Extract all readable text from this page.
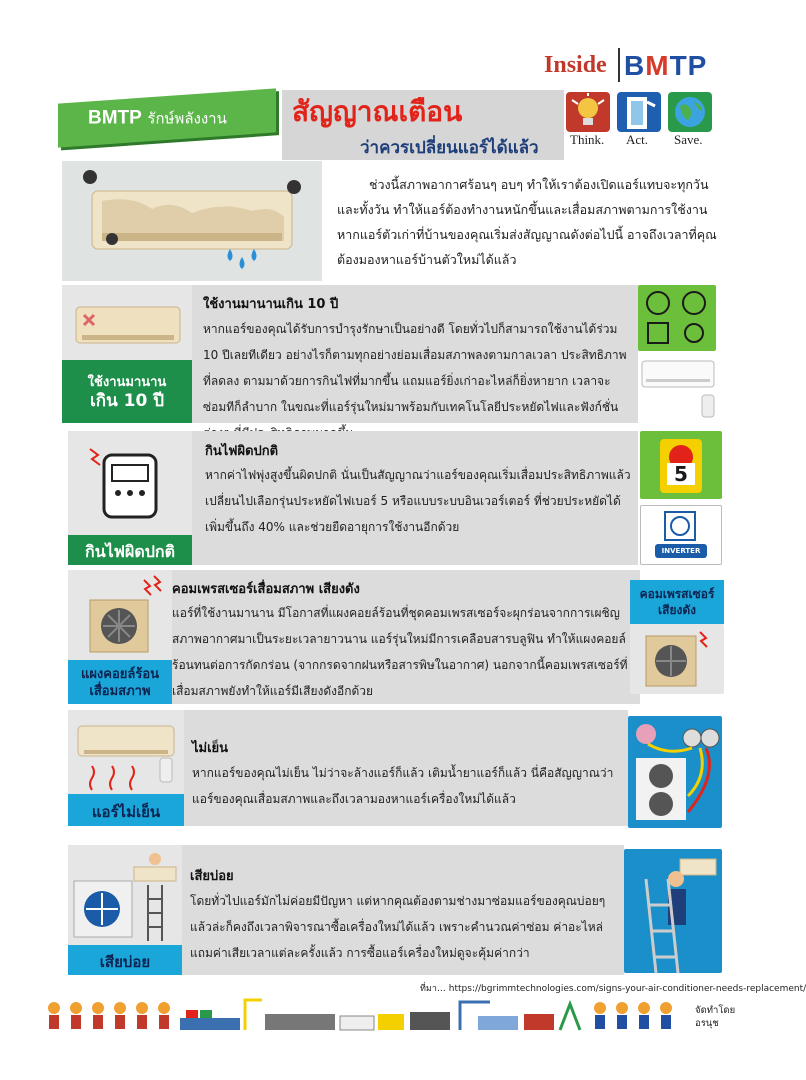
Inside BMTP
BMTP รักษ์พลังงาน สัญญาณเตือน
ว่าควรเปลี่ยนแอร์ได้แล้ว Think. Act. Save.

ช่วงนี้สภาพอากาศร้อนๆ อบๆ ทำให้เราต้องเปิดแอร์แทบจะทุกวัน และทั้งวัน ทำให้แอร์ต้องทำงานหนักขึ้นและเสื่อมสภาพตามการใช้งาน หากแอร์ตัวเก่าที่บ้านของคุณเริ่มส่งสัญญาณดังต่อไปนี้ อาจถึงเวลาที่คุณต้องมองหาแอร์บ้านตัวใหม่ได้แล้ว

ใช้งานมานาน
เกิน 10 ปี
ใช้งานมานานเกิน 10 ปี

หากแอร์ของคุณได้รับการบำรุงรักษาเป็นอย่างดี โดยทั่วไปก็สามารถใช้งานได้ร่วม 10 ปีเลยทีเดียว อย่างไรก็ตามทุกอย่างย่อมเสื่อมสภาพลงตามกาลเวลา ประสิทธิภาพที่ลดลง ตามมาด้วยการกินไฟที่มากขึ้น แถมแอร์ยิ่งเก่าอะไหล่ก็ยิ่งหายาก เวลาจะซ่อมทีก็ลำบาก ในขณะที่แอร์รุ่นใหม่มาพร้อมกับเทคโนโลยีประหยัดไฟและฟังก์ชั่น

กินไฟผิดปกติ
กินไฟผิดปกติ

หากค่าไฟพุ่งสูงขึ้นผิดปกติ นั่นเป็นสัญญาณว่าแอร์ของคุณเริ่มเสื่อมประสิทธิภาพแล้ว เปลี่ยนไปเลือกรุ่นประหยัดไฟเบอร์ 5 หรือแบบระบบอินเวอร์เตอร์ ที่ช่วยประหยัดได้เพิ่มขึ้นถึง 40% และช่วยยืดอายุการใช้งานอีกด้วย

5
INVERTER
แผงคอยล์ร้อน
เสื่อมสภาพ
คอมเพรสเซอร์เสื่อมสภาพ เสียงดัง

แอร์ที่ใช้งานมานาน มีโอกาสที่แผงคอยล์ร้อนที่ชุดคอมเพรสเซอร์จะผุกร่อนจากการเผชิญสภาพอากาศมาเป็นระยะเวลายาวนาน แอร์รุ่นใหม่มีการเคลือบสารบลูฟิน ทำให้แผงคอยล์ร้อนทนต่อการกัดกร่อน (จากกรดจากฝนหรือสารพิษในอากาศ) นอกจากนี้คอมเพรสเซอร์ที่เสื่อมสภาพยังทำให้แอร์มีเสียงดังอีกด้วย

คอมเพรสเซอร์
เสียงดัง
แอร์ไม่เย็น
ไม่เย็น

หากแอร์ของคุณไม่เย็น ไม่ว่าจะล้างแอร์ก็แล้ว เติมน้ำยาแอร์ก็แล้ว นี่คือสัญญาณว่าแอร์ของคุณเสื่อมสภาพและถึงเวลามองหาแอร์เครื่องใหม่ได้แล้ว

เสียบ่อย
เสียบ่อย

โดยทั่วไปแอร์มักไม่ค่อยมีปัญหา แต่หากคุณต้องตามช่างมาซ่อมแอร์ของคุณบ่อยๆ แล้วล่ะก็คงถึงเวลาพิจารณาซื้อเครื่องใหม่ได้แล้ว เพราะคำนวณค่าซ่อม ค่าอะไหล่ แถมค่าเสียเวลาแต่ละครั้งแล้ว การซื้อแอร์เครื่องใหม่ดูจะคุ้มค่ากว่า

ที่มา… https://bgrimmtechnologies.com/signs-your-air-conditioner-needs-replacement/
จัดทำโดย
อรนุช
